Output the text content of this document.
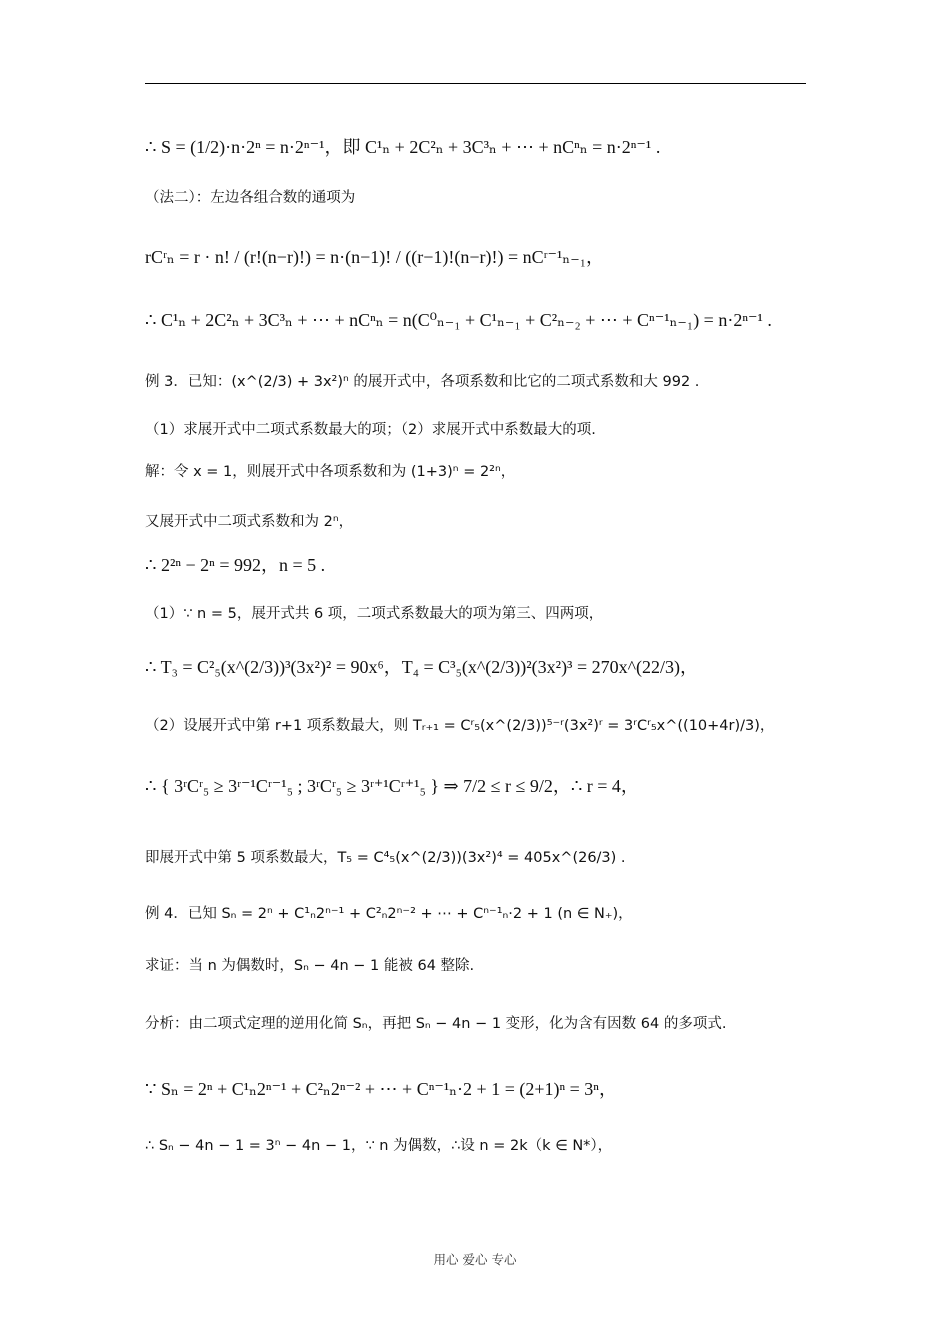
∴ S = (1/2)·n·2ⁿ = n·2ⁿ⁻¹，即 C¹ₙ + 2C²ₙ + 3C³ₙ + ⋯ + nCⁿₙ = n·2ⁿ⁻¹ .
（法二）：左边各组合数的通项为
rCʳₙ = r · n! / (r!(n−r)!) = n·(n−1)! / ((r−1)!(n−r)!) = nCʳ⁻¹ₙ₋₁，
∴ C¹ₙ + 2C²ₙ + 3C³ₙ + ⋯ + nCⁿₙ = n(C⁰ₙ₋₁ + C¹ₙ₋₁ + C²ₙ₋₂ + ⋯ + Cⁿ⁻¹ₙ₋₁) = n·2ⁿ⁻¹ .
例 3．已知：(x^(2/3) + 3x²)ⁿ 的展开式中，各项系数和比它的二项式系数和大 992 .
（1）求展开式中二项式系数最大的项；（2）求展开式中系数最大的项.
解：令 x = 1，则展开式中各项系数和为 (1+3)ⁿ = 2²ⁿ，
又展开式中二项式系数和为 2ⁿ，
∴ 2²ⁿ − 2ⁿ = 992，n = 5 .
（1）∵ n = 5，展开式共 6 项，二项式系数最大的项为第三、四两项，
∴ T₃ = C²₅(x^(2/3))³(3x²)² = 90x⁶，T₄ = C³₅(x^(2/3))²(3x²)³ = 270x^(22/3)，
（2）设展开式中第 r+1 项系数最大，则 Tᵣ₊₁ = Cʳ₅(x^(2/3))⁵⁻ʳ(3x²)ʳ = 3ʳCʳ₅x^((10+4r)/3)，
∴ { 3ʳCʳ₅ ≥ 3ʳ⁻¹Cʳ⁻¹₅ ; 3ʳCʳ₅ ≥ 3ʳ⁺¹Cʳ⁺¹₅ } ⇒ 7/2 ≤ r ≤ 9/2，∴ r = 4，
即展开式中第 5 项系数最大，T₅ = C⁴₅(x^(2/3))(3x²)⁴ = 405x^(26/3) .
例 4．已知 Sₙ = 2ⁿ + C¹ₙ2ⁿ⁻¹ + C²ₙ2ⁿ⁻² + ⋯ + Cⁿ⁻¹ₙ·2 + 1 (n ∈ N₊)，
求证：当 n 为偶数时，Sₙ − 4n − 1 能被 64 整除.
分析：由二项式定理的逆用化简 Sₙ，再把 Sₙ − 4n − 1 变形，化为含有因数 64 的多项式.
∵ Sₙ = 2ⁿ + C¹ₙ2ⁿ⁻¹ + C²ₙ2ⁿ⁻² + ⋯ + Cⁿ⁻¹ₙ·2 + 1 = (2+1)ⁿ = 3ⁿ，
∴ Sₙ − 4n − 1 = 3ⁿ − 4n − 1，∵ n 为偶数，∴设 n = 2k（k ∈ N*），
用心 爱心 专心
